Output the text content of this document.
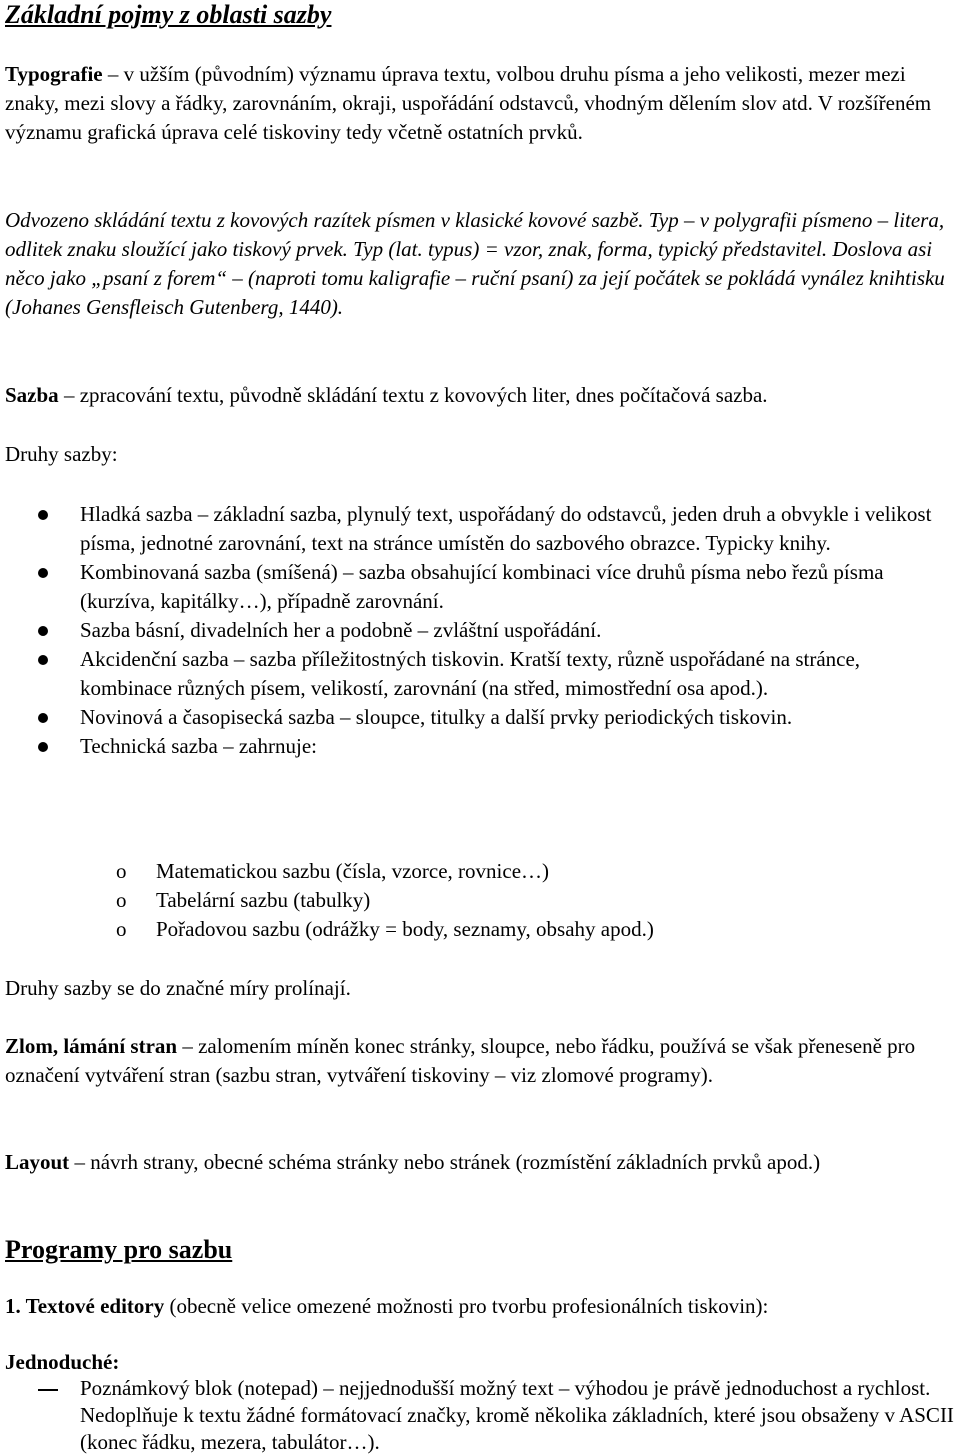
Základní pojmy z oblasti sazby

Typografie – v užším (původním) významu úprava textu, volbou druhu písma a jeho velikosti, mezer mezi znaky, mezi slovy a řádky, zarovnáním, okraji, uspořádání odstavců, vhodným dělením slov atd. V rozšířeném významu grafická úprava celé tiskoviny tedy včetně ostatních prvků.

Odvozeno skládání textu z kovových razítek písmen v klasické kovové sazbě. Typ – v polygrafii písmeno – litera, odlitek znaku sloužící jako tiskový prvek. Typ (lat. typus) = vzor, znak, forma, typický představitel. Doslova asi něco jako „psaní z forem“ – (naproti tomu kaligrafie – ruční psaní) za její počátek se pokládá vynález knihtisku (Johanes Gensfleisch Gutenberg, 1440).

Sazba – zpracování textu, původně skládání textu z kovových liter, dnes počítačová sazba.

Druhy sazby:

Hladká sazba – základní sazba, plynulý text, uspořádaný do odstavců, jeden druh a obvykle i velikost písma, jednotné zarovnání, text na stránce umístěn do sazbového obrazce. Typicky knihy.
Kombinovaná sazba (smíšená) – sazba obsahující kombinaci více druhů písma nebo řezů písma (kurzíva, kapitálky…), případně zarovnání.
Sazba básní, divadelních her a podobně – zvláštní uspořádání.
Akcidenční sazba – sazba příležitostných tiskovin. Kratší texty, různě uspořádané na stránce, kombinace různých písem, velikostí, zarovnání (na střed, mimostřední osa apod.).
Novinová a časopisecká sazba – sloupce, titulky a další prvky periodických tiskovin.
Technická sazba – zahrnuje:
o Matematickou sazbu (čísla, vzorce, rovnice…)
o Tabelární sazbu (tabulky)
o Pořadovou sazbu (odrážky = body, seznamy, obsahy apod.)

Druhy sazby se do značné míry prolínají.

Zlom, lámání stran – zalomením míněn konec stránky, sloupce, nebo řádku, používá se však přeneseně pro označení vytváření stran (sazbu stran, vytváření tiskoviny – viz zlomové programy).

Layout – návrh strany, obecné schéma stránky nebo stránek (rozmístění základních prvků apod.)

Programy pro sazbu

1. Textové editory (obecně velice omezené možnosti pro tvorbu profesionálních tiskovin):

Jednoduché:

Poznámkový blok (notepad) – nejjednodušší možný text – výhodou je právě jednoduchost a rychlost. Nedoplňuje k textu žádné formátovací značky, kromě několika základních, které jsou obsaženy v ASCII (konec řádku, mezera, tabulátor…).
